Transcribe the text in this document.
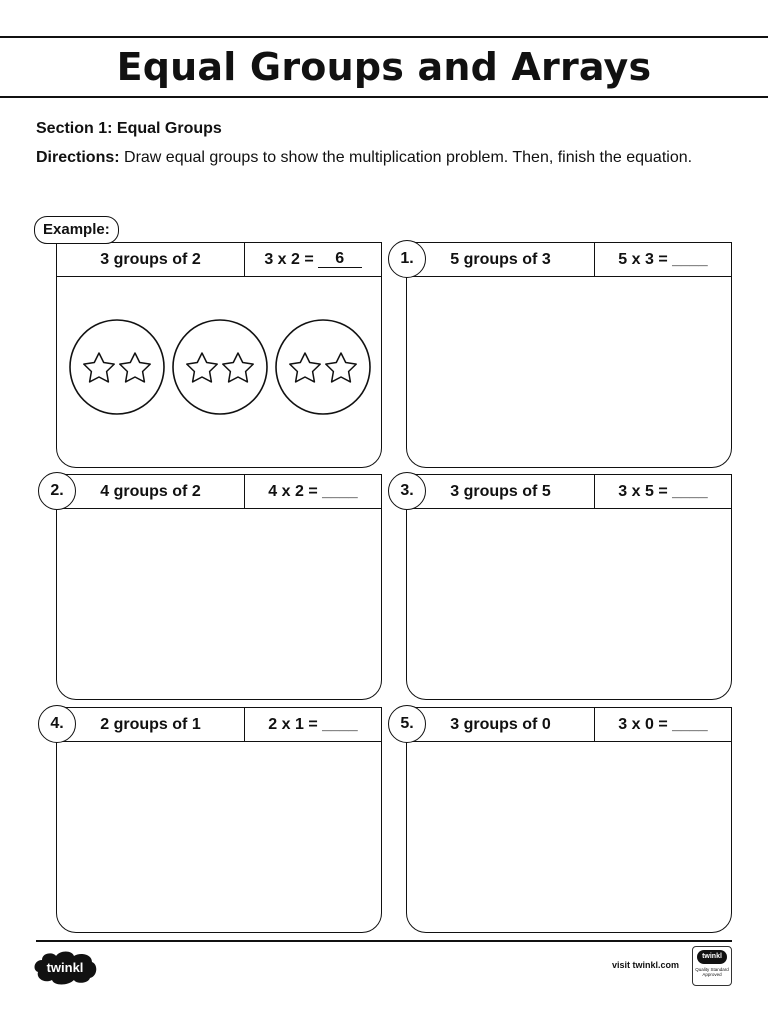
Equal Groups and Arrays
Section 1: Equal Groups
Directions: Draw equal groups to show the multiplication problem. Then, finish the equation.
Example:
3 groups of 2	3 x 2 =	6	1.	5 groups of 3	5 x 3 = ____
2.	4 groups of 2	4 x 2 = ____	3.	3 groups of 5	3 x 5 = ____
4.	2 groups of 1	2 x 1 = ____	5.	3 groups of 0	3 x 0 = ____
twinkl	visit twinkl.com
twinkl
Quality Standard Approved
